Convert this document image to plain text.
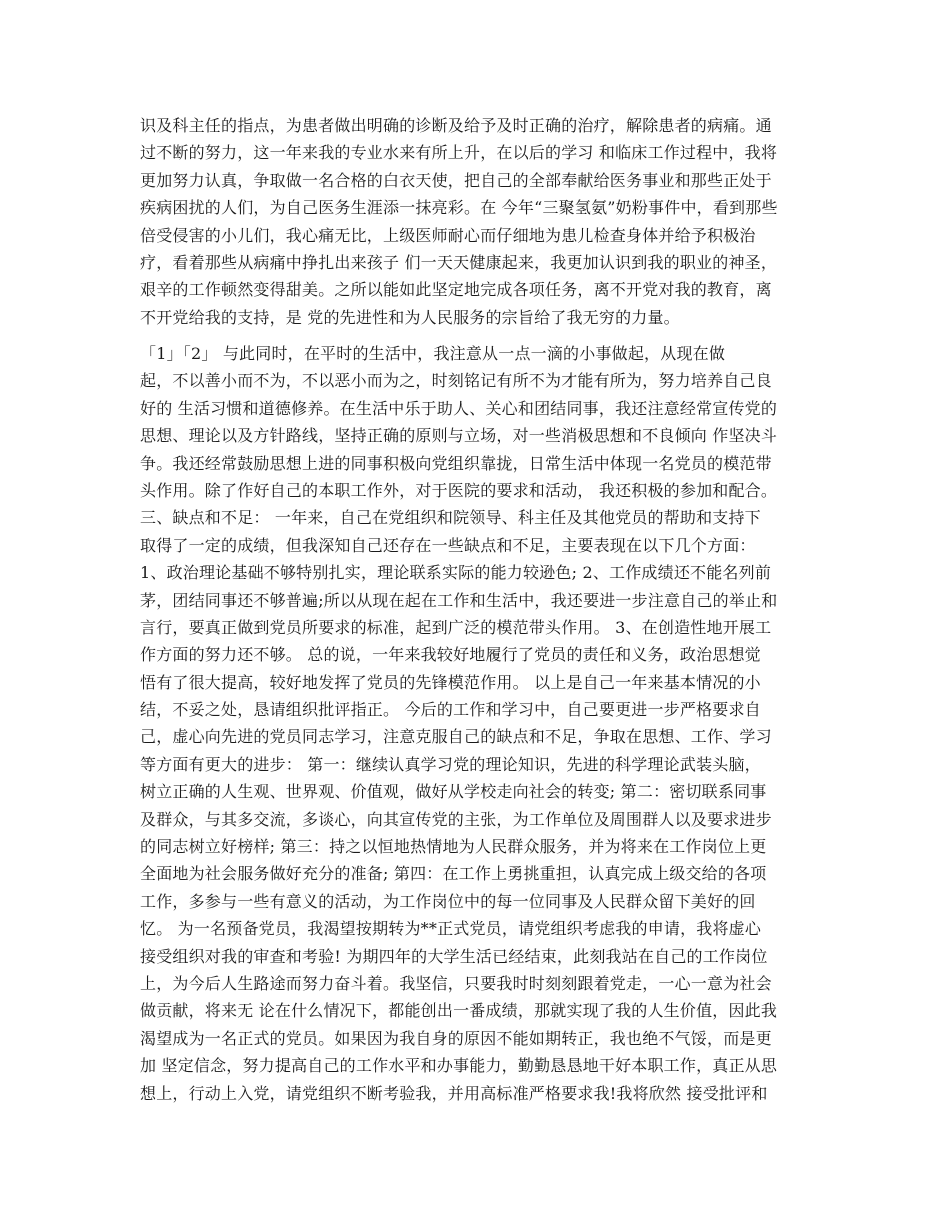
识及科主任的指点，为患者做出明确的诊断及给予及时正确的治疗，解除患者的病痛。通
过不断的努力，这一年来我的专业水来有所上升，在以后的学习 和临床工作过程中，我将
更加努力认真，争取做一名合格的白衣天使，把自己的全部奉献给医务事业和那些正处于
疾病困扰的人们，为自己医务生涯添一抹亮彩。在 今年“三聚氢氨”奶粉事件中，看到那些
倍受侵害的小儿们，我心痛无比，上级医师耐心而仔细地为患儿检查身体并给予积极治
疗，看着那些从病痛中挣扎出来孩子 们一天天健康起来，我更加认识到我的职业的神圣，
艰辛的工作顿然变得甜美。之所以能如此坚定地完成各项任务，离不开党对我的教育，离
不开党给我的支持，是 党的先进性和为人民服务的宗旨给了我无穷的力量。
「1」「2」 与此同时，在平时的生活中，我注意从一点一滴的小事做起，从现在做
起，不以善小而不为，不以恶小而为之，时刻铭记有所不为才能有所为，努力培养自己良
好的 生活习惯和道德修养。在生活中乐于助人、关心和团结同事，我还注意经常宣传党的
思想、理论以及方针路线，坚持正确的原则与立场，对一些消极思想和不良倾向 作坚决斗
争。我还经常鼓励思想上进的同事积极向党组织靠拢，日常生活中体现一名党员的模范带
头作用。除了作好自己的本职工作外，对于医院的要求和活动， 我还积极的参加和配合。
三、缺点和不足： 一年来，自己在党组织和院领导、科主任及其他党员的帮助和支持下
取得了一定的成绩，但我深知自己还存在一些缺点和不足，主要表现在以下几个方面：
1、政治理论基础不够特别扎实，理论联系实际的能力较逊色; 2、工作成绩还不能名列前
茅，团结同事还不够普遍;所以从现在起在工作和生活中，我还要进一步注意自己的举止和
言行，要真正做到党员所要求的标准，起到广泛的模范带头作用。 3、在创造性地开展工
作方面的努力还不够。 总的说，一年来我较好地履行了党员的责任和义务，政治思想觉
悟有了很大提高，较好地发挥了党员的先锋模范作用。 以上是自己一年来基本情况的小
结，不妥之处，恳请组织批评指正。 今后的工作和学习中，自己要更进一步严格要求自
己，虚心向先进的党员同志学习，注意克服自己的缺点和不足，争取在思想、工作、学习
等方面有更大的进步： 第一：继续认真学习党的理论知识，先进的科学理论武装头脑，
树立正确的人生观、世界观、价值观，做好从学校走向社会的转变; 第二：密切联系同事
及群众，与其多交流，多谈心，向其宣传党的主张，为工作单位及周围群人以及要求进步
的同志树立好榜样; 第三：持之以恒地热情地为人民群众服务，并为将来在工作岗位上更
全面地为社会服务做好充分的准备; 第四：在工作上勇挑重担，认真完成上级交给的各项
工作，多参与一些有意义的活动，为工作岗位中的每一位同事及人民群众留下美好的回
忆。 为一名预备党员，我渴望按期转为**正式党员，请党组织考虑我的申请，我将虚心
接受组织对我的审查和考验! 为期四年的大学生活已经结束，此刻我站在自己的工作岗位
上，为今后人生路途而努力奋斗着。我坚信，只要我时时刻刻跟着党走，一心一意为社会
做贡献，将来无 论在什么情况下，都能创出一番成绩，那就实现了我的人生价值，因此我
渴望成为一名正式的党员。如果因为我自身的原因不能如期转正，我也绝不气馁，而是更
加 坚定信念，努力提高自己的工作水平和办事能力，勤勤恳恳地干好本职工作，真正从思
想上，行动上入党，请党组织不断考验我，并用高标准严格要求我!我将欣然 接受批评和
